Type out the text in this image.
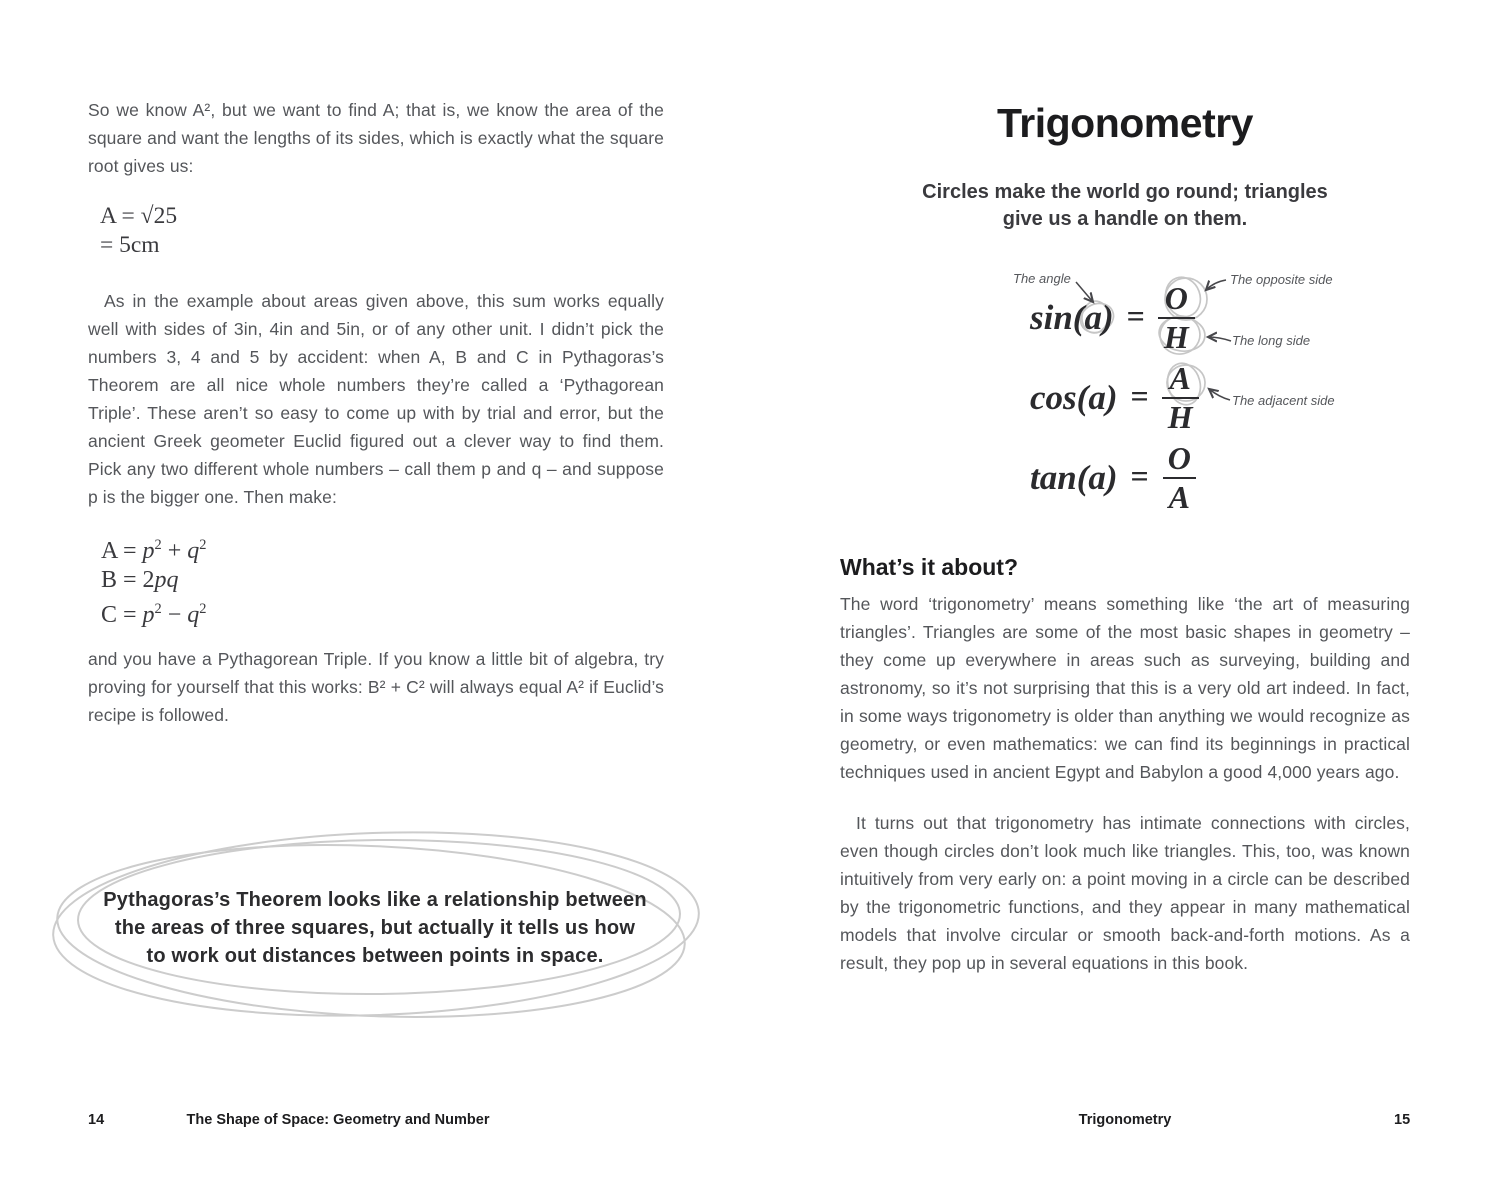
So we know A², but we want to find A; that is, we know the area of the square and want the lengths of its sides, which is exactly what the square root gives us:

A = √25
= 5cm

As in the example about areas given above, this sum works equally well with sides of 3in, 4in and 5in, or of any other unit. I didn’t pick the numbers 3, 4 and 5 by accident: when A, B and C in Pythagoras’s Theorem are all nice whole numbers they’re called a ‘Pythagorean Triple’. These aren’t so easy to come up with by trial and error, but the ancient Greek geometer Euclid figured out a clever way to find them. Pick any two different whole numbers – call them p and q – and suppose p is the bigger one. Then make:

$A = p^2 + q^2$
B = 2pq
$C = p^2 - q^2$

and you have a Pythagorean Triple. If you know a little bit of algebra, try proving for yourself that this works: B² + C² will always equal A² if Euclid’s recipe is followed.

Pythagoras’s Theorem looks like a relationship between
the areas of three squares, but actually it tells us how
to work out distances between points in space.

14	The Shape of Space: Geometry and Number

Trigonometry
Circles make the world go round; triangles
give us a handle on them.
$\sin(a) = \frac{O}{H}$
$\cos(a) = \frac{A}{H}$
$\tan(a) = \frac{O}{A}$
The angle	The opposite side
The long side
The adjacent side
What’s it about?

The word ‘trigonometry’ means something like ‘the art of measuring triangles’. Triangles are some of the most basic shapes in geometry – they come up everywhere in areas such as surveying, building and astronomy, so it’s not surprising that this is a very old art indeed. In fact, in some ways trigonometry is older than anything we would recognize as geometry, or even mathematics: we can find its beginnings in practical techniques used in ancient Egypt and Babylon a good 4,000 years ago.

It turns out that trigonometry has intimate connections with circles, even though circles don’t look much like triangles. This, too, was known intuitively from very early on: a point moving in a circle can be described by the trigonometric functions, and they appear in many mathematical models that involve circular or smooth back-and-forth motions. As a result, they pop up in several equations in this book.

Trigonometry	15
